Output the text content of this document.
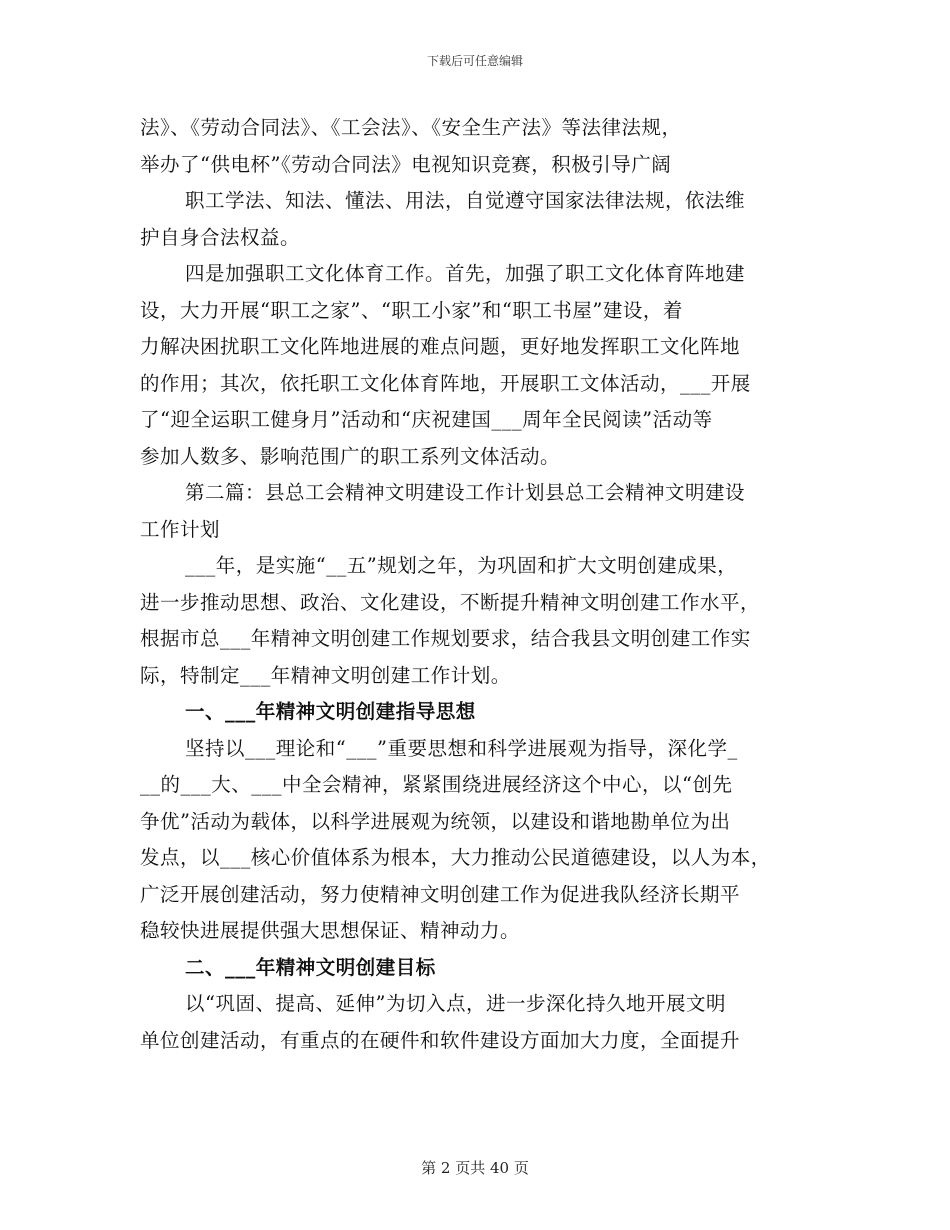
下载后可任意编辑
法》、《劳动合同法》、《工会法》、《安全生产法》等法律法规，
举办了“供电杯”《劳动合同法》电视知识竞赛，积极引导广阔
职工学法、知法、懂法、用法，自觉遵守国家法律法规，依法维
护自身合法权益。
四是加强职工文化体育工作。首先，加强了职工文化体育阵地建
设，大力开展“职工之家”、“职工小家”和“职工书屋”建设，着
力解决困扰职工文化阵地进展的难点问题，更好地发挥职工文化阵地
的作用；其次，依托职工文化体育阵地，开展职工文体活动，___开展
了“迎全运职工健身月”活动和“庆祝建国___周年全民阅读”活动等
参加人数多、影响范围广的职工系列文体活动。
第二篇：县总工会精神文明建设工作计划县总工会精神文明建设
工作计划
___年，是实施“__五”规划之年，为巩固和扩大文明创建成果，
进一步推动思想、政治、文化建设，不断提升精神文明创建工作水平，
根据市总___年精神文明创建工作规划要求，结合我县文明创建工作实
际，特制定___年精神文明创建工作计划。
一、___年精神文明创建指导思想
坚持以___理论和“___”重要思想和科学进展观为指导，深化学_
__的___大、___中全会精神，紧紧围绕进展经济这个中心，以“创先
争优”活动为载体，以科学进展观为统领，以建设和谐地勘单位为出
发点，以___核心价值体系为根本，大力推动公民道德建设，以人为本，
广泛开展创建活动，努力使精神文明创建工作为促进我队经济长期平
稳较快进展提供强大思想保证、精神动力。
二、___年精神文明创建目标
以“巩固、提高、延伸”为切入点，进一步深化持久地开展文明
单位创建活动，有重点的在硬件和软件建设方面加大力度，全面提升
第 2 页共 40 页
